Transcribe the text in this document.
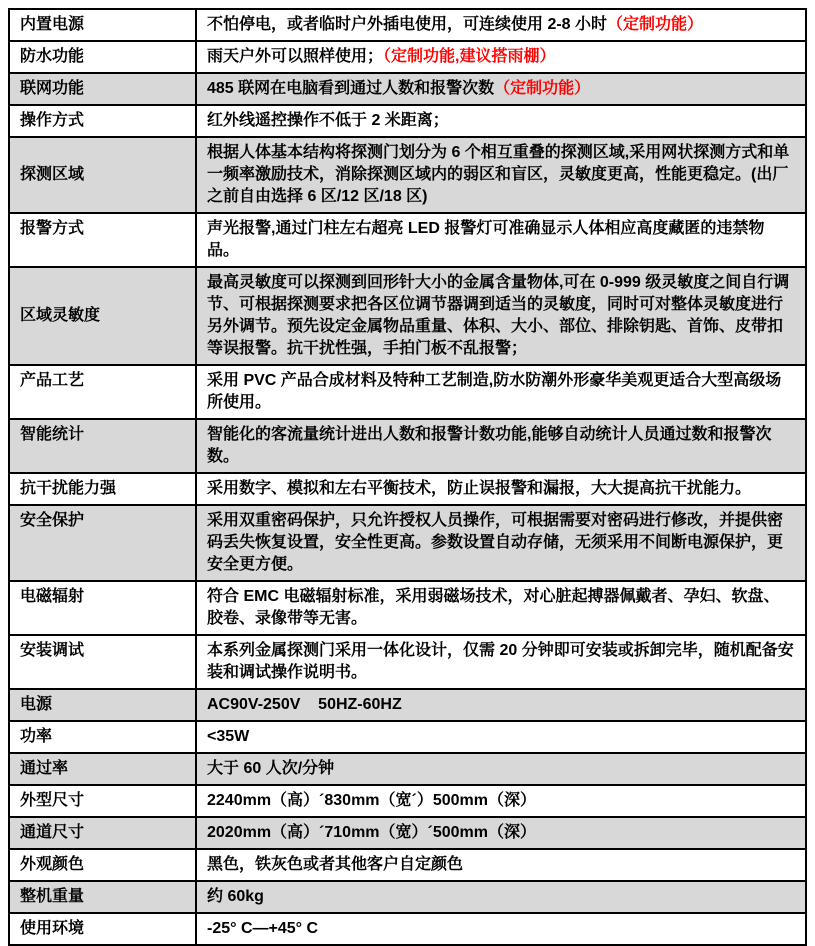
内置电源	不怕停电，或者临时户外插电使用，可连续使用 2-8 小时（定制功能）
防水功能	雨天户外可以照样使用；（定制功能,建议搭雨棚）
联网功能	485 联网在电脑看到通过人数和报警次数（定制功能）
操作方式	红外线遥控操作不低于 2 米距离；
探测区域	根据人体基本结构将探测门划分为 6 个相互重叠的探测区域,采用网状探测方式和单一频率激励技术，消除探测区域内的弱区和盲区，灵敏度更高，性能更稳定。(出厂之前自由选择 6 区/12 区/18 区)
报警方式	声光报警,通过门柱左右超亮 LED 报警灯可准确显示人体相应高度藏匿的违禁物品。
区域灵敏度	最高灵敏度可以探测到回形针大小的金属含量物体,可在 0-999 级灵敏度之间自行调节、可根据探测要求把各区位调节器调到适当的灵敏度，同时可对整体灵敏度进行另外调节。预先设定金属物品重量、体积、大小、部位、排除钥匙、首饰、皮带扣等误报警。抗干扰性强，手拍门板不乱报警；
产品工艺	采用 PVC 产品合成材料及特种工艺制造,防水防潮外形豪华美观更适合大型高级场所使用。
智能统计	智能化的客流量统计进出人数和报警计数功能,能够自动统计人员通过数和报警次数。
抗干扰能力强	采用数字、模拟和左右平衡技术，防止误报警和漏报，大大提高抗干扰能力。
安全保护	采用双重密码保护，只允许授权人员操作，可根据需要对密码进行修改，并提供密码丢失恢复设置，安全性更高。参数设置自动存储，无须采用不间断电源保护，更安全更方便。
电磁辐射	符合 EMC 电磁辐射标准，采用弱磁场技术，对心脏起搏器佩戴者、孕妇、软盘、胶卷、录像带等无害。
安装调试	本系列金属探测门采用一体化设计，仅需 20 分钟即可安装或拆卸完毕，随机配备安装和调试操作说明书。
电源	AC90V-250V    50HZ-60HZ
功率	<35W
通过率	大于 60 人次/分钟
外型尺寸	2240mm（高）´830mm（宽´）500mm（深）
通道尺寸	2020mm（高）´710mm（宽）´500mm（深）
外观颜色	黑色，铁灰色或者其他客户自定颜色
整机重量	约 60kg
使用环境	-25° C—+45° C
